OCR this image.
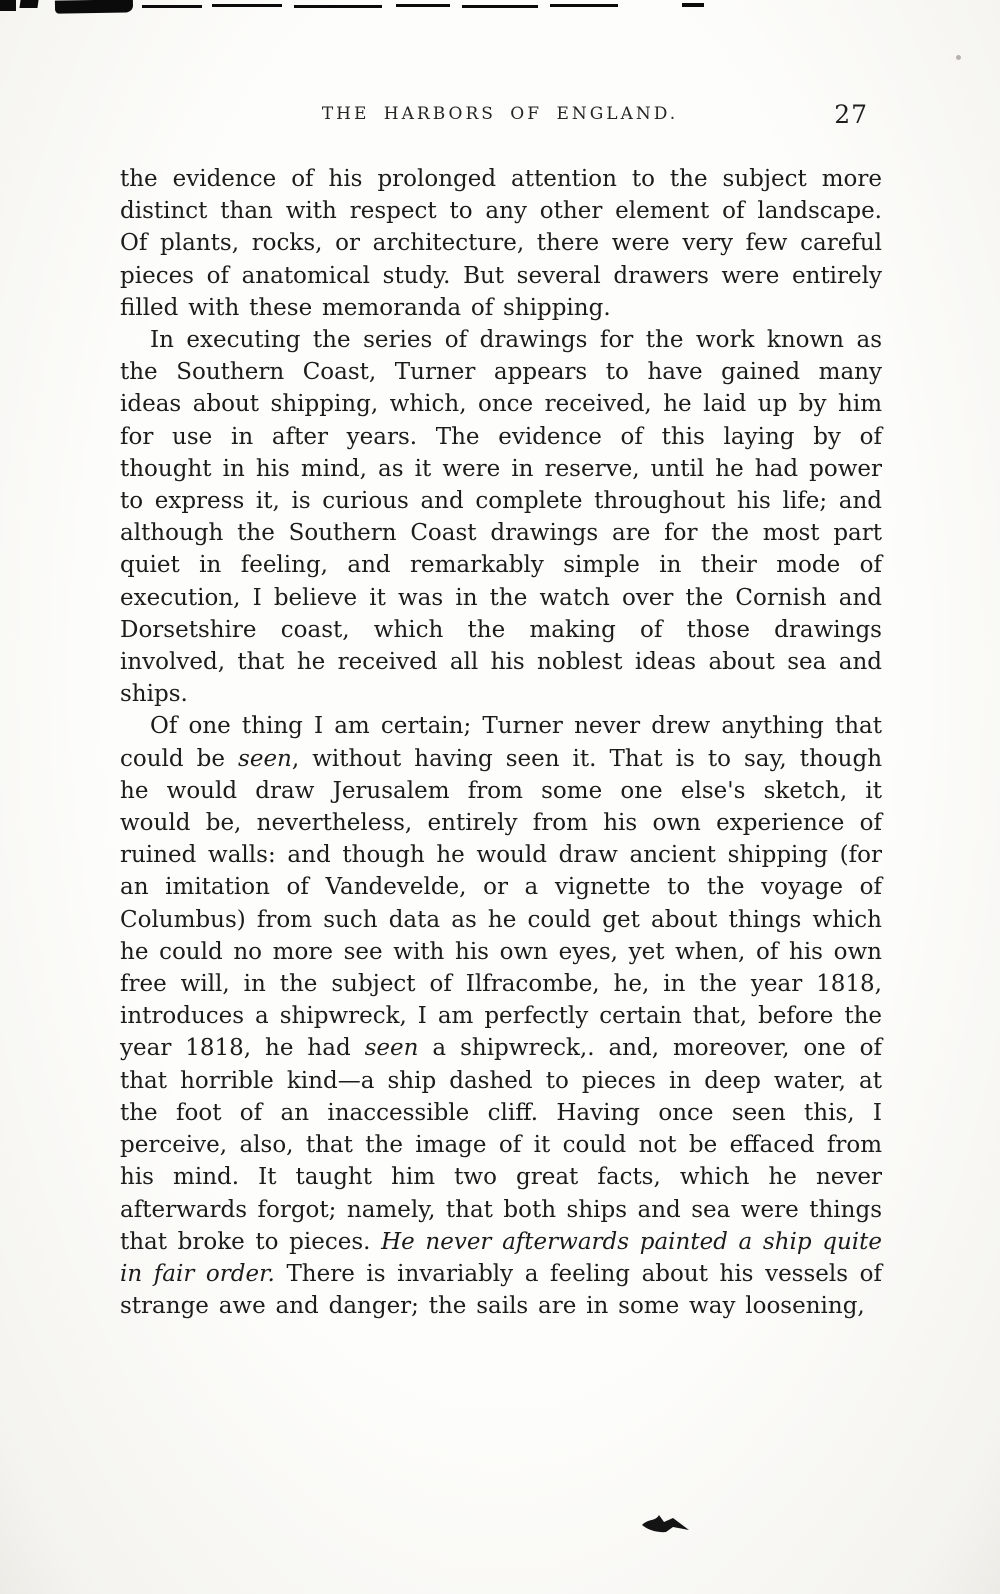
THE HARBORS OF ENGLAND.	27

the evidence of his prolonged attention to the subject more distinct than with respect to any other element of landscape. Of plants, rocks, or architecture, there were very few careful pieces of anatomical study. But several drawers were entirely filled with these memoranda of shipping.

In executing the series of drawings for the work known as the Southern Coast, Turner appears to have gained many ideas about shipping, which, once received, he laid up by him for use in after years. The evidence of this laying by of thought in his mind, as it were in reserve, until he had power to express it, is curious and complete throughout his life; and although the Southern Coast drawings are for the most part quiet in feeling, and remarkably simple in their mode of execution, I believe it was in the watch over the Cornish and Dorsetshire coast, which the making of those drawings involved, that he received all his noblest ideas about sea and ships.

Of one thing I am certain; Turner never drew anything that could be seen, without having seen it. That is to say, though he would draw Jerusalem from some one else's sketch, it would be, nevertheless, entirely from his own experience of ruined walls: and though he would draw ancient shipping (for an imitation of Vandevelde, or a vignette to the voyage of Columbus) from such data as he could get about things which he could no more see with his own eyes, yet when, of his own free will, in the subject of Ilfracombe, he, in the year 1818, introduces a shipwreck, I am perfectly certain that, before the year 1818, he had seen a shipwreck,. and, moreover, one of that horrible kind—a ship dashed to pieces in deep water, at the foot of an inaccessible cliff. Having once seen this, I perceive, also, that the image of it could not be effaced from his mind. It taught him two great facts, which he never afterwards forgot; namely, that both ships and sea were things that broke to pieces. He never afterwards painted a ship quite in fair order. There is invariably a feeling about his vessels of strange awe and danger; the sails are in some way loosening,
